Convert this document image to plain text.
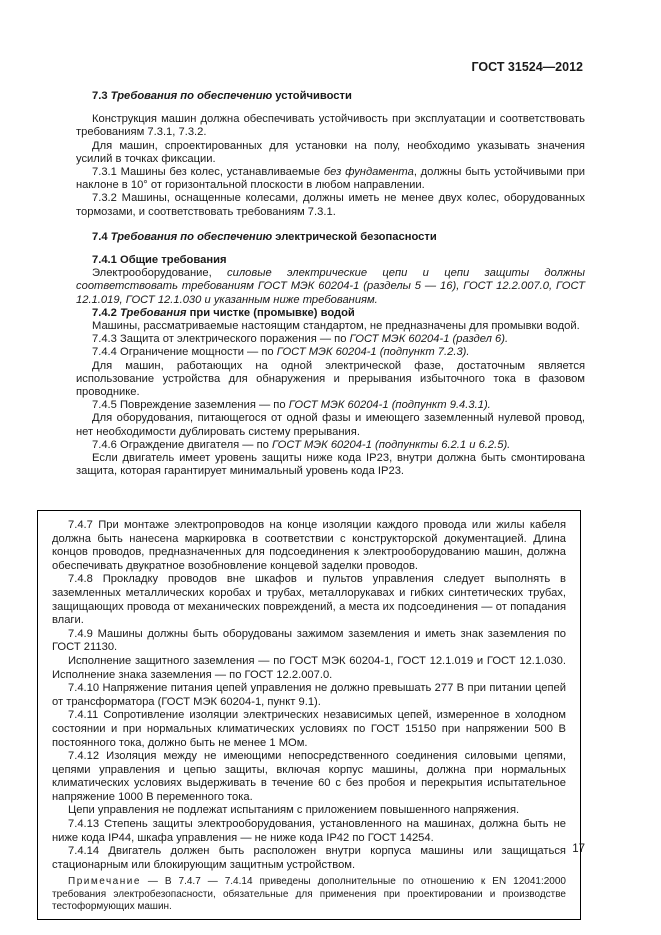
ГОСТ 31524—2012

7.3 Требования по обеспечению устойчивости

Конструкция машин должна обеспечивать устойчивость при эксплуатации и соответствовать требованиям 7.3.1, 7.3.2.

Для машин, спроектированных для установки на полу, необходимо указывать значения усилий в точках фиксации.

7.3.1 Машины без колес, устанавливаемые без фундамента, должны быть устойчивыми при наклоне в 10° от горизонтальной плоскости в любом направлении.

7.3.2 Машины, оснащенные колесами, должны иметь не менее двух колес, оборудованных тормозами, и соответствовать требованиям 7.3.1.

7.4 Требования по обеспечению электрической безопасности

7.4.1 Общие требования

Электрооборудование, силовые электрические цепи и цепи защиты должны соответствовать требованиям ГОСТ МЭК 60204-1 (разделы 5 — 16), ГОСТ 12.2.007.0, ГОСТ 12.1.019, ГОСТ 12.1.030 и указанным ниже требованиям.

7.4.2 Требования при чистке (промывке) водой

Машины, рассматриваемые настоящим стандартом, не предназначены для промывки водой.

7.4.3 Защита от электрического поражения — по ГОСТ МЭК 60204-1 (раздел 6).

7.4.4 Ограничение мощности — по ГОСТ МЭК 60204-1 (подпункт 7.2.3).

Для машин, работающих на одной электрической фазе, достаточным является использование устройства для обнаружения и прерывания избыточного тока в фазовом проводнике.

7.4.5 Повреждение заземления — по ГОСТ МЭК 60204-1 (подпункт 9.4.3.1).

Для оборудования, питающегося от одной фазы и имеющего заземленный нулевой провод, нет необходимости дублировать систему прерывания.

7.4.6 Ограждение двигателя — по ГОСТ МЭК 60204-1 (подпункты 6.2.1 и 6.2.5).

Если двигатель имеет уровень защиты ниже кода IP23, внутри должна быть смонтирована защита, которая гарантирует минимальный уровень кода IP23.

7.4.7 При монтаже электропроводов на конце изоляции каждого провода или жилы кабеля должна быть нанесена маркировка в соответствии с конструкторской документацией. Длина концов проводов, предназначенных для подсоединения к электрооборудованию машин, должна обеспечивать двукратное возобновление концевой заделки проводов.

7.4.8 Прокладку проводов вне шкафов и пультов управления следует выполнять в заземленных металлических коробах и трубах, металлорукавах и гибких синтетических трубах, защищающих провода от механических повреждений, а места их подсоединения — от попадания влаги.

7.4.9 Машины должны быть оборудованы зажимом заземления и иметь знак заземления по ГОСТ 21130.

Исполнение защитного заземления — по ГОСТ МЭК 60204-1, ГОСТ 12.1.019 и ГОСТ 12.1.030. Исполнение знака заземления — по ГОСТ 12.2.007.0.

7.4.10 Напряжение питания цепей управления не должно превышать 277 В при питании цепей от трансформатора (ГОСТ МЭК 60204-1, пункт 9.1).

7.4.11 Сопротивление изоляции электрических независимых цепей, измеренное в холодном состоянии и при нормальных климатических условиях по ГОСТ 15150 при напряжении 500 В постоянного тока, должно быть не менее 1 МОм.

7.4.12 Изоляция между не имеющими непосредственного соединения силовыми цепями, цепями управления и цепью защиты, включая корпус машины, должна при нормальных климатических условиях выдерживать в течение 60 с без пробоя и перекрытия испытательное напряжение 1000 В переменного тока.

Цепи управления не подлежат испытаниям с приложением повышенного напряжения.

7.4.13 Степень защиты электрооборудования, установленного на машинах, должна быть не ниже кода IP44, шкафа управления — не ниже кода IP42 по ГОСТ 14254.

7.4.14 Двигатель должен быть расположен внутри корпуса машины или защищаться стационарным или блокирующим защитным устройством.

Примечание — В 7.4.7 — 7.4.14 приведены дополнительные по отношению к EN 12041:2000 требования электробезопасности, обязательные для применения при проектировании и производстве тестоформующих машин.

17
